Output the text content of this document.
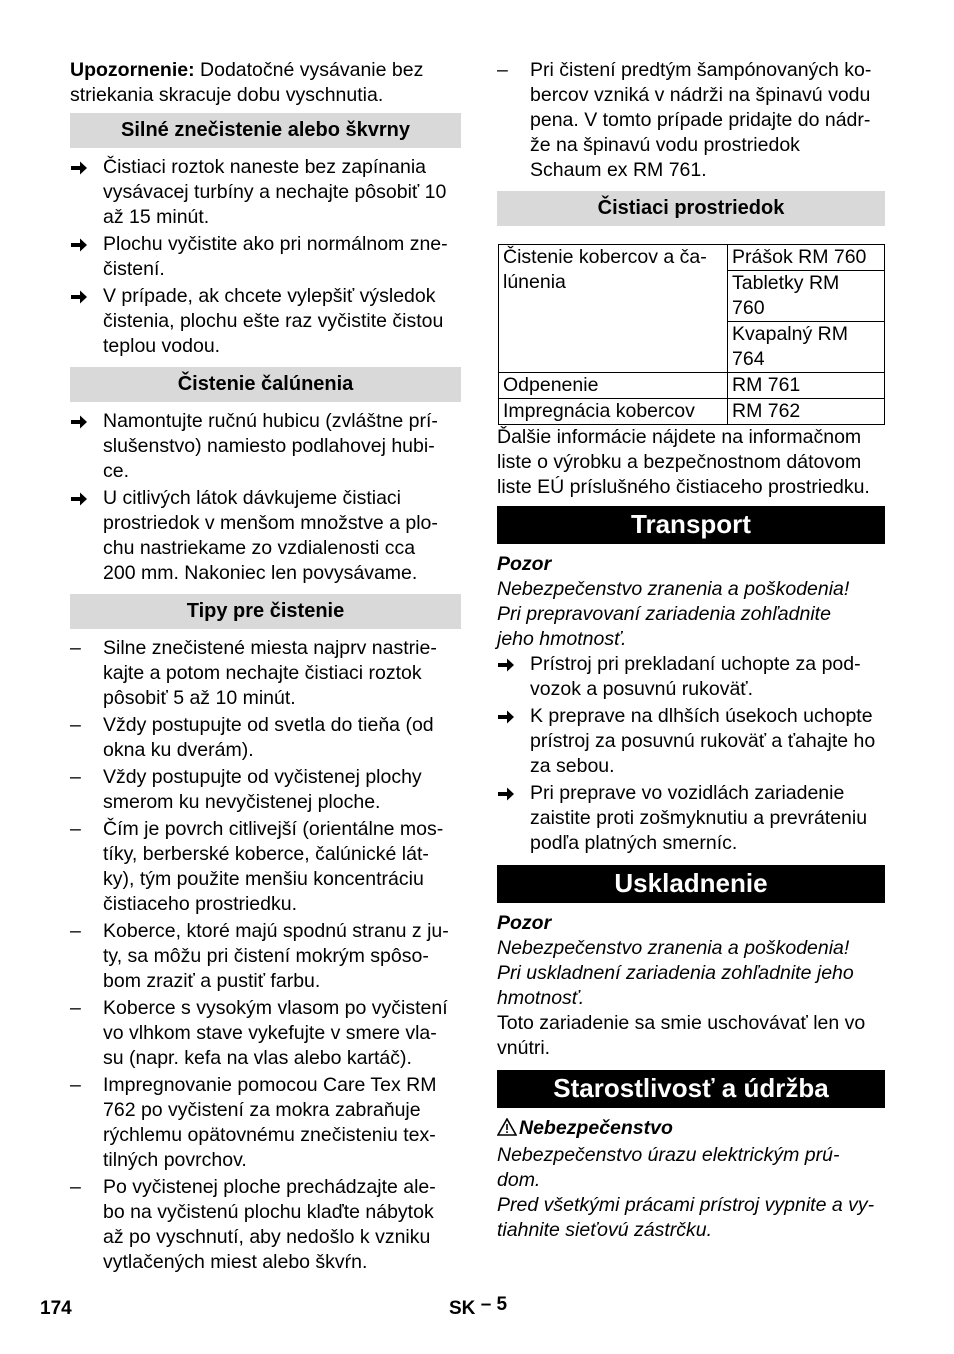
Upozornenie: Dodatočné vysávanie bez
striekania skracuje dobu vyschnutia.

Silné znečistenie alebo škvrny
Čistiaci roztok naneste bez zapínania
vysávacej turbíny a nechajte pôsobiť 10
až 15 minút.
Plochu vyčistite ako pri normálnom zne-
čistení.
V prípade, ak chcete vylepšiť výsledok
čistenia, plochu ešte raz vyčistite čistou
teplou vodou.
Čistenie čalúnenia
Namontujte ručnú hubicu (zvláštne prí-
slušenstvo) namiesto podlahovej hubi-
ce.
U citlivých látok dávkujeme čistiaci
prostriedok v menšom množstve a plo-
chu nastriekame zo vzdialenosti cca
200 mm. Nakoniec len povysávame.
Tipy pre čistenie
–	Silne znečistené miesta najprv nastrie-
kajte a potom nechajte čistiaci roztok
pôsobiť 5 až 10 minút.
–	Vždy postupujte od svetla do tieňa (od
okna ku dverám).
–	Vždy postupujte od vyčistenej plochy
smerom ku nevyčistenej ploche.
–	Čím je povrch citlivejší (orientálne mos-
tíky, berberské koberce, čalúnické lát-
ky), tým použite menšiu koncentráciu
čistiaceho prostriedku.
–	Koberce, ktoré majú spodnú stranu z ju-
ty, sa môžu pri čistení mokrým spôso-
bom zraziť a pustiť farbu.
–	Koberce s vysokým vlasom po vyčistení
vo vlhkom stave vykefujte v smere vla-
su (napr. kefa na vlas alebo kartáč).
–	Impregnovanie pomocou Care Tex RM
762 po vyčistení za mokra zabraňuje
rýchlemu opätovnému znečisteniu tex-
tilných povrchov.
–	Po vyčistenej ploche prechádzajte ale-
bo na vyčistenú plochu klaďte nábytok
až po vyschnutí, aby nedošlo k vzniku
vytlačených miest alebo škvŕn.
–	Pri čistení predtým šampónovaných ko-
bercov vzniká v nádrži na špinavú vodu
pena. V tomto prípade pridajte do nádr-
že na špinavú vodu prostriedok
Schaum ex RM 761.
Čistiaci prostriedok
Čistenie kobercov a ča-
lúnenia	Prášok RM 760
	Tabletky RM
760
	Kvapalný RM
764
Odpenenie	RM 761
Impregnácia kobercov	RM 762

Ďalšie informácie nájdete na informačnom
liste o výrobku a bezpečnostnom dátovom
liste EÚ príslušného čistiaceho prostriedku.

Transport

Pozor

Nebezpečenstvo zranenia a poškodenia!
Pri prepravovaní zariadenia zohľadnite
jeho hmotnosť.

Prístroj pri prekladaní uchopte za pod-
vozok a posuvnú rukoväť.
K preprave na dlhších úsekoch uchopte
prístroj za posuvnú rukoväť a ťahajte ho
za sebou.
Pri preprave vo vozidlách zariadenie
zaistite proti zošmyknutiu a prevráteniu
podľa platných smerníc.
Uskladnenie

Pozor

Nebezpečenstvo zranenia a poškodenia!
Pri uskladnení zariadenia zohľadnite jeho
hmotnosť.

Toto zariadenie sa smie uschovávať len vo
vnútri.

Starostlivosť a údržba

Nebezpečenstvo

Nebezpečenstvo úrazu elektrickým prú-
dom.
Pred všetkými prácami prístroj vypnite a vy-
tiahnite sieťovú zástrčku.

174	SK – 5
